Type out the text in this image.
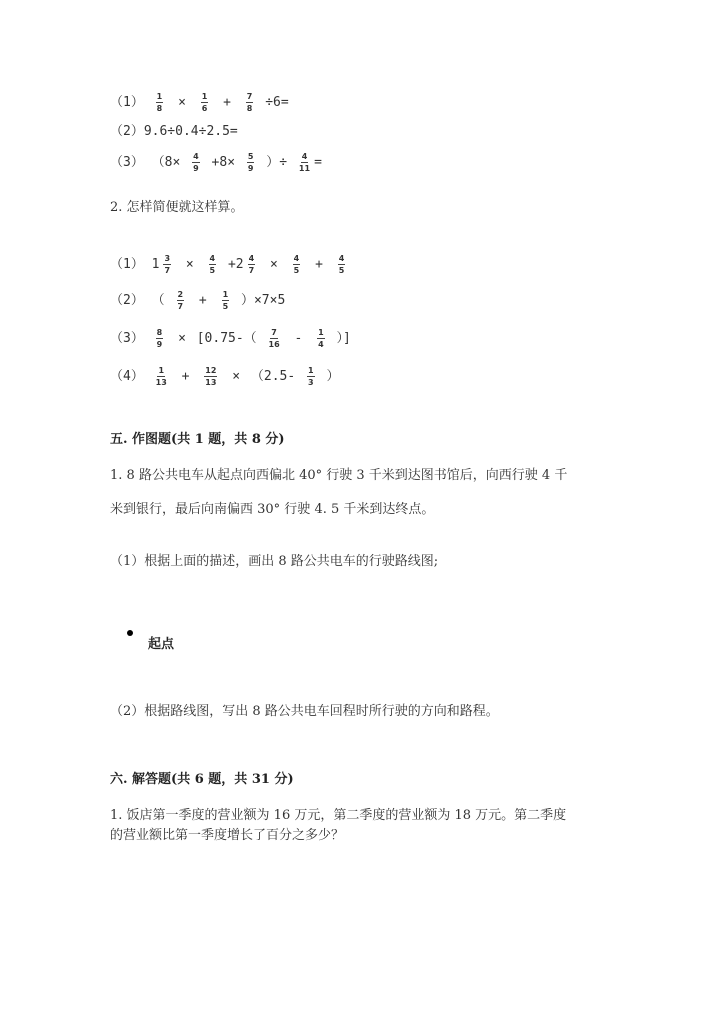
$(1) \frac{1}{8} \times \frac{1}{6} + \frac{7}{8} \div 6=$
（2）9.6÷0.4÷2.5=
（3） （$8\times \frac{4}{9} +8\times \frac{5}{9}$ ）÷ $\frac{4}{11}$ =
2. 怎样简便就这样算。
（1） $1 \frac{3}{7} \times \frac{4}{5} +2 \frac{4}{7} \times \frac{4}{5} + \frac{4}{5}$
（2） （ $\frac{2}{7} + \frac{1}{5} )\times 7\times 5$
$(3) \frac{8}{9} \times [0.75-( \frac{7}{16} - \frac{1}{4}$ ）]
$(4) \frac{1}{13} + \frac{12}{13} \times (2.5- \frac{1}{3}$ ）
五. 作图题(共 1 题，共 8 分)
1. 8 路公共电车从起点向西偏北 40° 行驶 3 千米到达图书馆后，向西行驶 4 千
米到银行，最后向南偏西 30° 行驶 4. 5 千米到达终点。
（1）根据上面的描述，画出 8 路公共电车的行驶路线图;
起点
（2）根据路线图，写出 8 路公共电车回程时所行驶的方向和路程。
六. 解答题(共 6 题，共 31 分)
1. 饭店第一季度的营业额为 16 万元，第二季度的营业额为 18 万元。第二季度
的营业额比第一季度增长了百分之多少？
